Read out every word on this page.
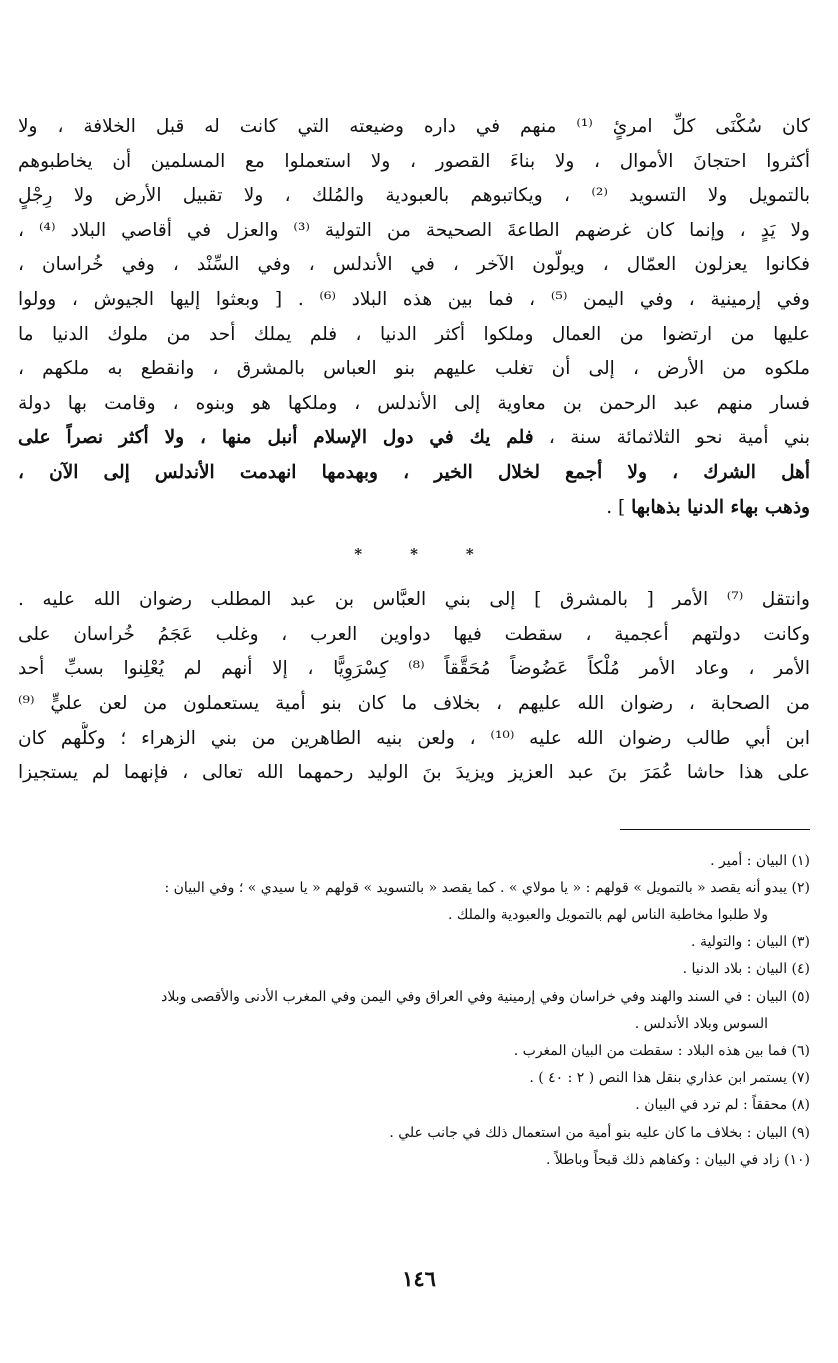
كان سُكْنَى كلِّ امرئٍ ⁽¹⁾ منهم في داره وضيعته التي كانت له قبل الخلافة ، ولا

أكثروا احتجانَ الأموال ، ولا بناءَ القصور ، ولا استعملوا مع المسلمين أن يخاطبوهم

بالتمويل ولا التسويد ⁽²⁾ ، ويكاتبوهم بالعبودية والمُلك ، ولا تقبيل الأرض ولا رِجْلٍ

ولا يَدٍ ، وإنما كان غرضهم الطاعةَ الصحيحة من التولية ⁽³⁾ والعزل في أقاصي البلاد ⁽⁴⁾ ،

فكانوا يعزلون العمّال ، ويولّون الآخر ، في الأندلس ، وفي السِّنْد ، وفي خُراسان ،

وفي إرمينية ، وفي اليمن ⁽⁵⁾ ، فما بين هذه البلاد ⁽⁶⁾ . [ وبعثوا إليها الجيوش ، وولوا

عليها من ارتضوا من العمال وملكوا أكثر الدنيا ، فلم يملك أحد من ملوك الدنيا ما

ملكوه من الأرض ، إلى أن تغلب عليهم بنو العباس بالمشرق ، وانقطع به ملكهم ،

فسار منهم عبد الرحمن بن معاوية إلى الأندلس ، وملكها هو وبنوه ، وقامت بها دولة

بني أمية نحو الثلاثمائة سنة ، فلم يك في دول الإسلام أنبل منها ، ولا أكثر نصراً على

أهل الشرك ، ولا أجمع لخلال الخير ، وبهدمها انهدمت الأندلس إلى الآن ،

وذهب بهاء الدنيا بذهابها ] .

*	*	*

وانتقل ⁽⁷⁾ الأمر [ بالمشرق ] إلى بني العبَّاس بن عبد المطلب رضوان الله عليه .

وكانت دولتهم أعجمية ، سقطت فيها دواوين العرب ، وغلب عَجَمُ خُراسان على

الأمر ، وعاد الأمر مُلْكاً عَضُوضاً مُحَقَّقاً ⁽⁸⁾ كِسْرَوِيًّا ، إلا أنهم لم يُعْلِنوا بسبِّ أحد

من الصحابة ، رضوان الله عليهم ، بخلاف ما كان بنو أمية يستعملون من لعن عليٍّ ⁽⁹⁾

ابن أبي طالب رضوان الله عليه ⁽¹⁰⁾ ، ولعن بنيه الطاهرين من بني الزهراء ؛ وكلُّهم كان

على هذا حاشا عُمَرَ بنَ عبد العزيز ويزيدَ بنَ الوليد رحمهما الله تعالى ، فإنهما لم يستجيزا

(١) البيان : أمير .

(٢) يبدو أنه يقصد « بالتمويل » قولهم : « يا مولاي » . كما يقصد « بالتسويد » قولهم « يا سيدي » ؛ وفي البيان :

ولا طلبوا مخاطبة الناس لهم بالتمويل والعبودية والملك .

(٣) البيان : والتولية .

(٤) البيان : بلاد الدنيا .

(٥) البيان : في السند والهند وفي خراسان وفي إرمينية وفي العراق وفي اليمن وفي المغرب الأدنى والأقصى وبلاد

السوس وبلاد الأندلس .

(٦) فما بين هذه البلاد : سقطت من البيان المغرب .

(٧) يستمر ابن عذاري بنقل هذا النص ( ٢ : ٤٠ ) .

(٨) محققاً : لم ترد في البيان .

(٩) البيان : بخلاف ما كان عليه بنو أمية من استعمال ذلك في جانب علي .

(١٠) زاد في البيان : وكفاهم ذلك قبحاً وباطلاً .

١٤٦
